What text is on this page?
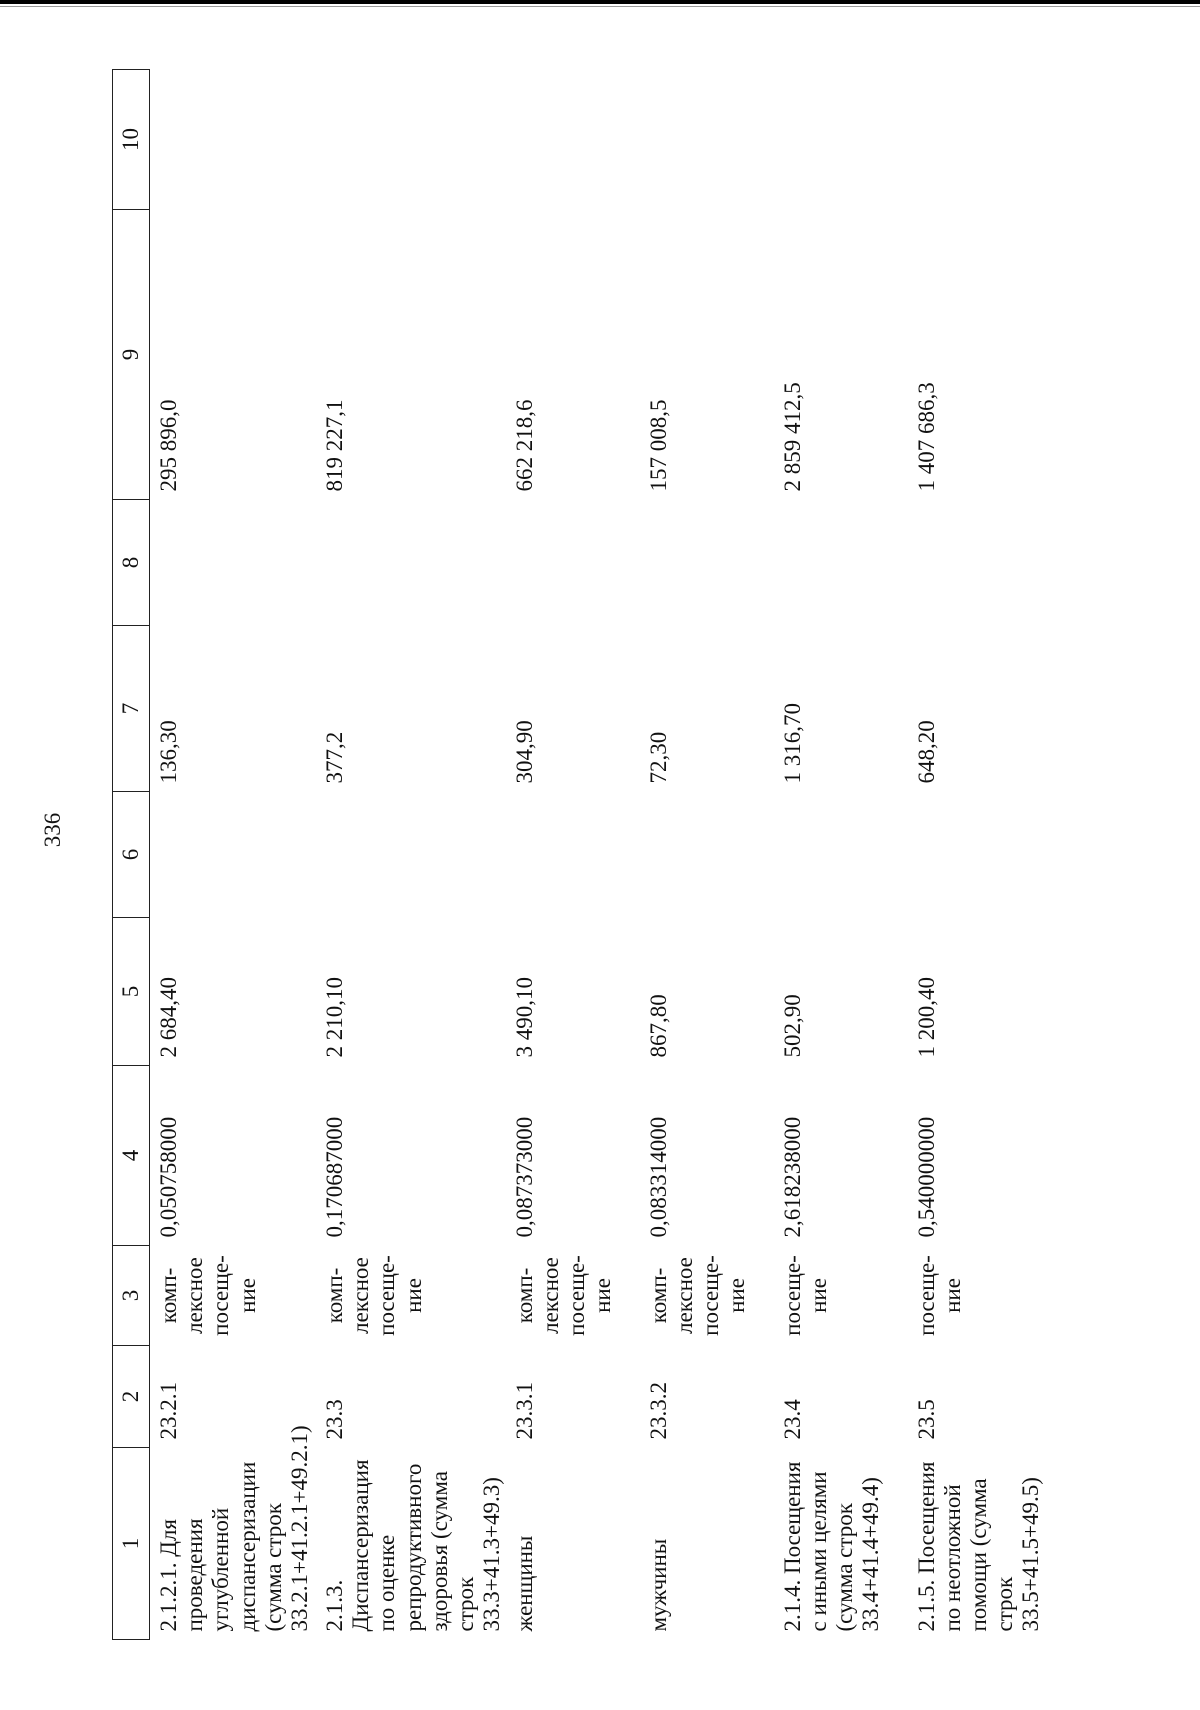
336
1	2	3	4	5	6	7	8	9	10
2.1.2.1. Для проведения углубленной диспансеризации (сумма строк 33.2.1+41.2.1+49.2.1)	23.2.1	комп-лексное посеще-ние	0,050758000	2 684,40		136,30		295 896,0	
2.1.3. Диспансеризация по оценке репродуктивного здоровья (сумма строк 33.3+41.3+49.3)	23.3	комп-лексное посеще-ние	0,170687000	2 210,10		377,2		819 227,1	
женщины	23.3.1	комп-лексное посеще-ние	0,087373000	3 490,10		304,90		662 218,6	
мужчины	23.3.2	комп-лексное посеще-ние	0,083314000	867,80		72,30		157 008,5	
2.1.4. Посещения с иными целями (сумма строк 33.4+41.4+49.4)	23.4	посеще-ние	2,618238000	502,90		1 316,70		2 859 412,5	
2.1.5. Посещения по неотложной помощи (сумма строк 33.5+41.5+49.5)	23.5	посеще-ние	0,540000000	1 200,40		648,20		1 407 686,3	
